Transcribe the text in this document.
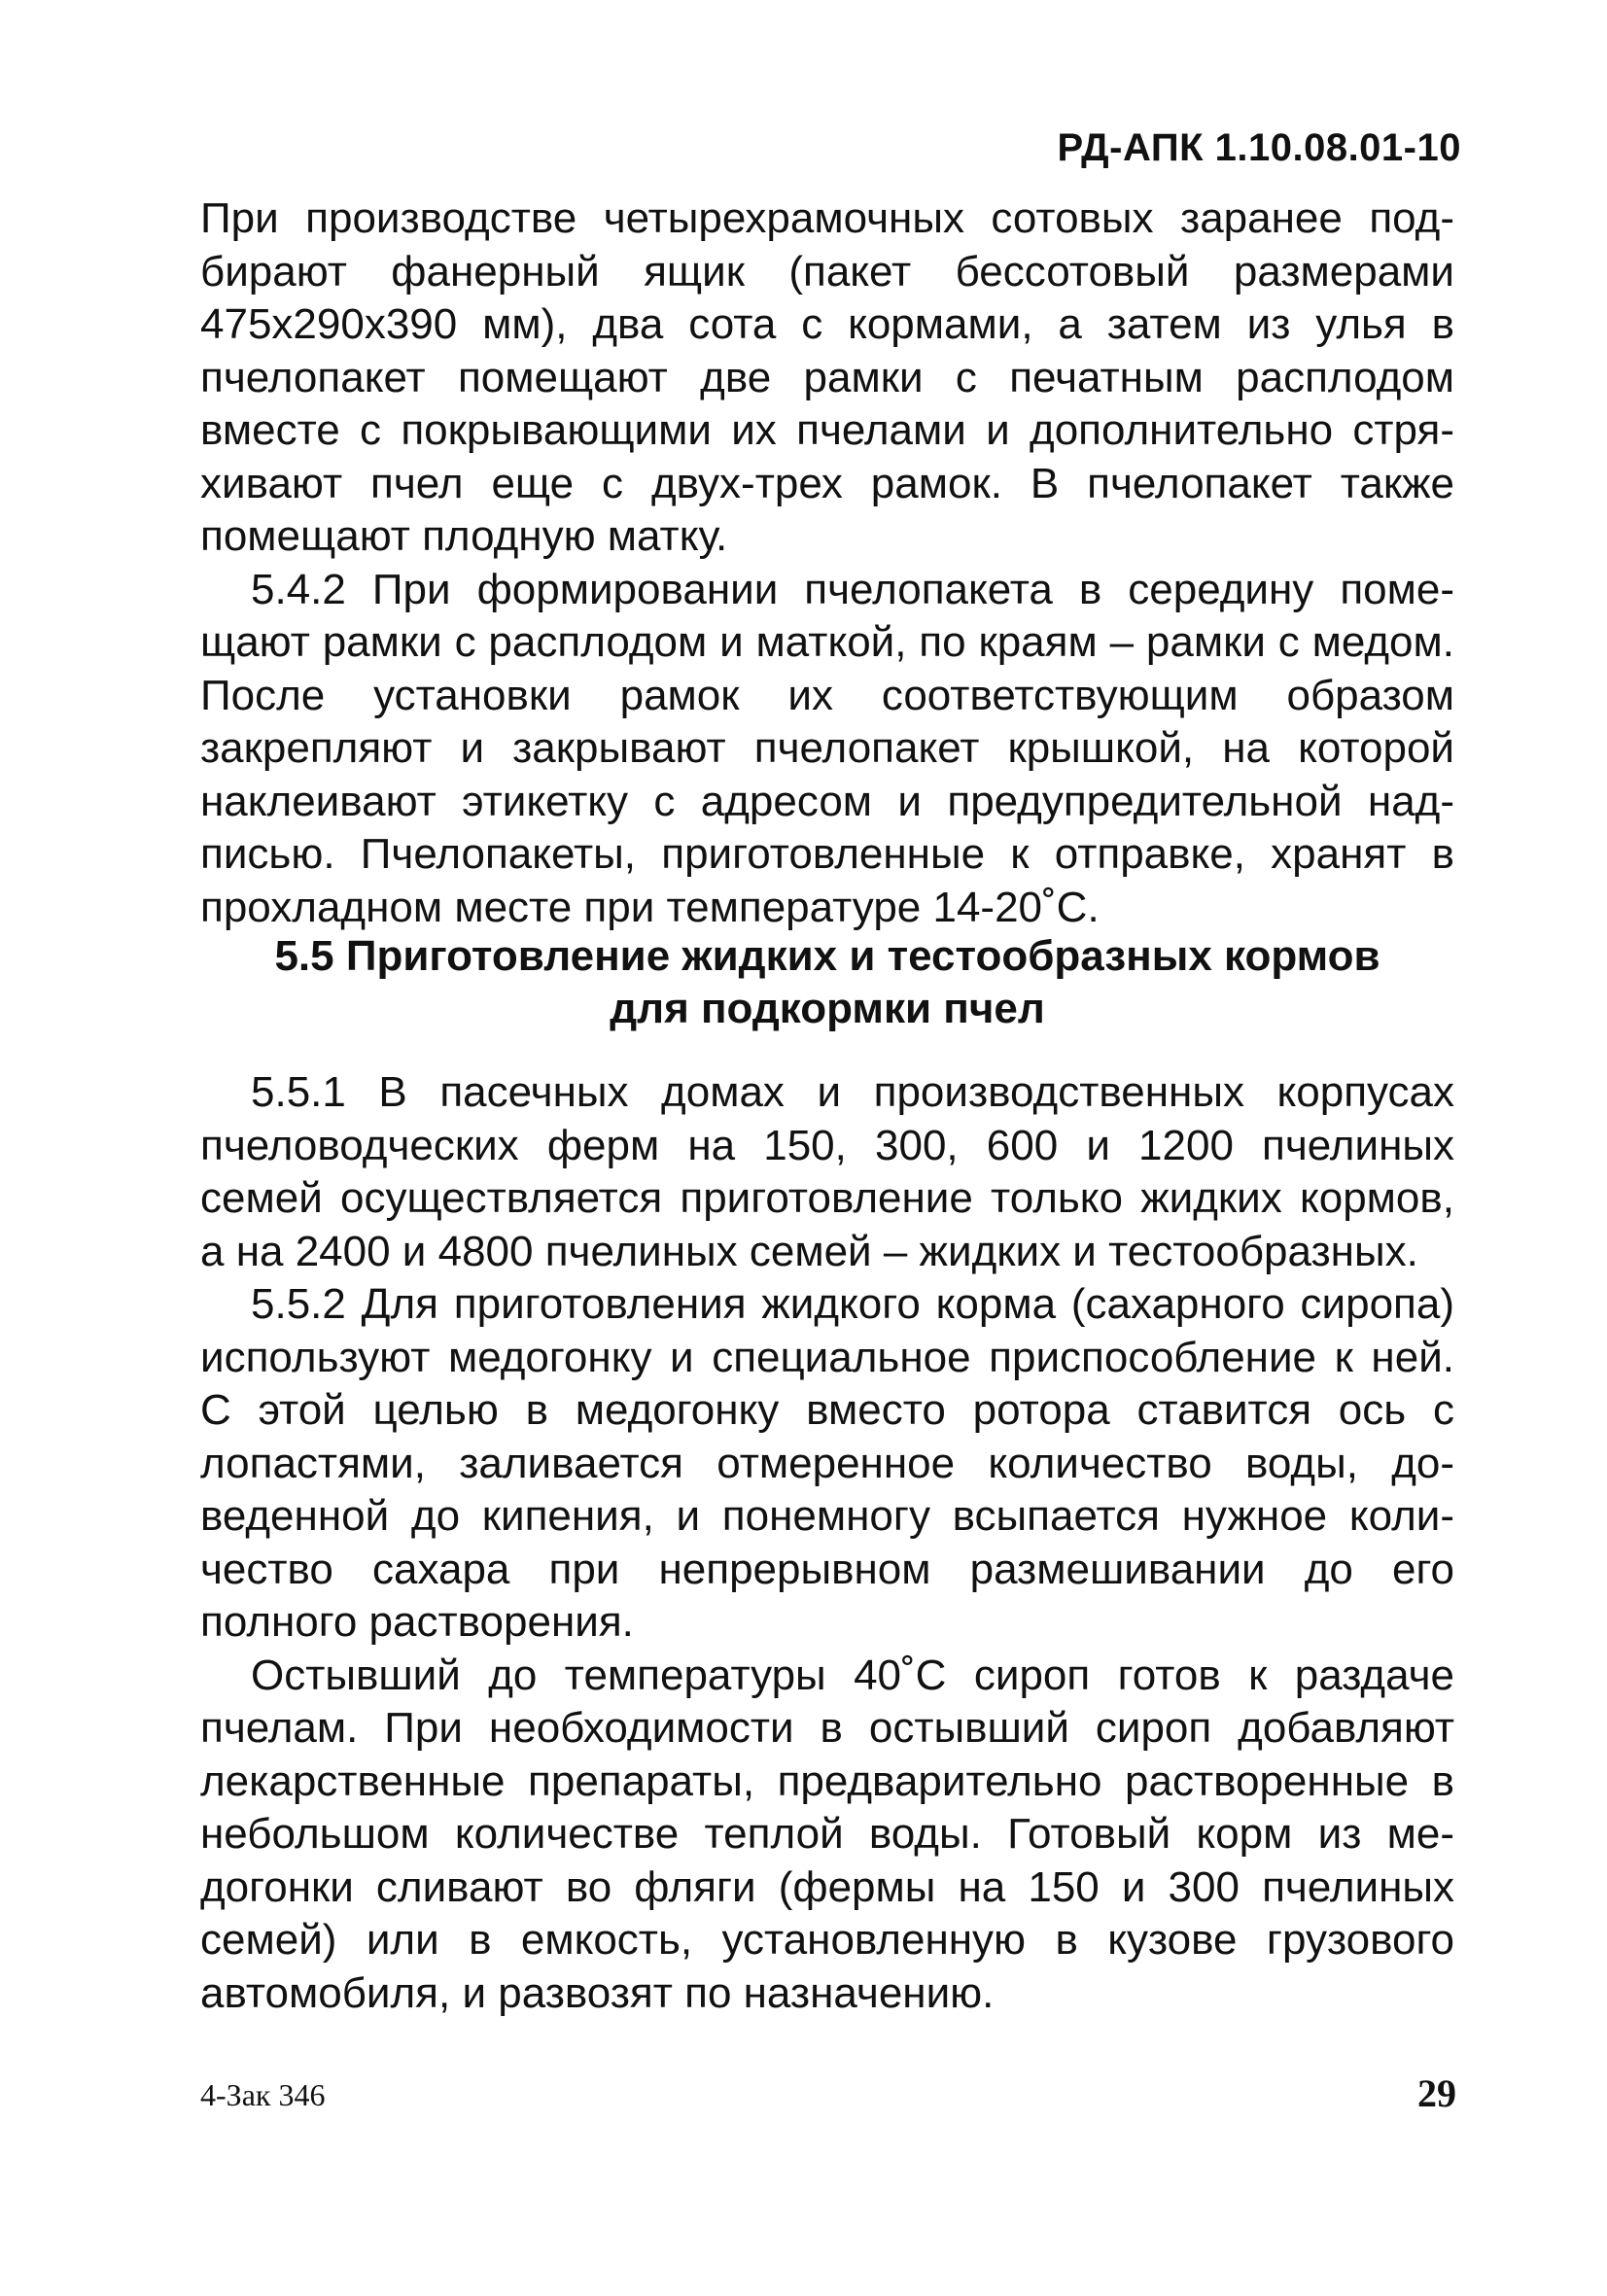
РД-АПК 1.10.08.01-10

При производстве четырехрамочных сотовых заранее подбирают фанерный ящик (пакет бессотовый размерами 475х290х390 мм), два сота с кормами, а затем из улья в пчелопакет помещают две рамки с печатным расплодом вместе с покрывающими их пчелами и дополнительно стряхивают пчел еще с двух-трех рамок. В пчелопакет также помещают плодную матку.

5.4.2 При формировании пчелопакета в середину помещают рамки с расплодом и маткой, по краям – рамки с медом. После установки рамок их соответствующим образом закрепляют и закрывают пчелопакет крышкой, на которой наклеивают этикетку с адресом и предупредительной надписью. Пчелопакеты, приготовленные к отправке, хранят в прохладном месте при температуре 14-20˚С.

5.5 Приготовление жидких и тестообразных кормов
для подкормки пчел

5.5.1 В пасечных домах и производственных корпусах пчеловодческих ферм на 150, 300, 600 и 1200 пчелиных семей осуществляется приготовление только жидких кормов, а на 2400 и 4800 пчелиных семей – жидких и тестообразных.

5.5.2 Для приготовления жидкого корма (сахарного сиропа) используют медогонку и специальное приспособление к ней. С этой целью в медогонку вместо ротора ставится ось с лопастями, заливается отмеренное количество воды, доведенной до кипения, и понемногу всыпается нужное количество сахара при непрерывном размешивании до его полного растворения.

Остывший до температуры 40˚С сироп готов к раздаче пчелам. При необходимости в остывший сироп добавляют лекарственные препараты, предварительно растворенные в небольшом количестве теплой воды. Готовый корм из медогонки сливают во фляги (фермы на 150 и 300 пчелиных семей) или в емкость, установленную в кузове грузового автомобиля, и развозят по назначению.

4-Зак 346	29
